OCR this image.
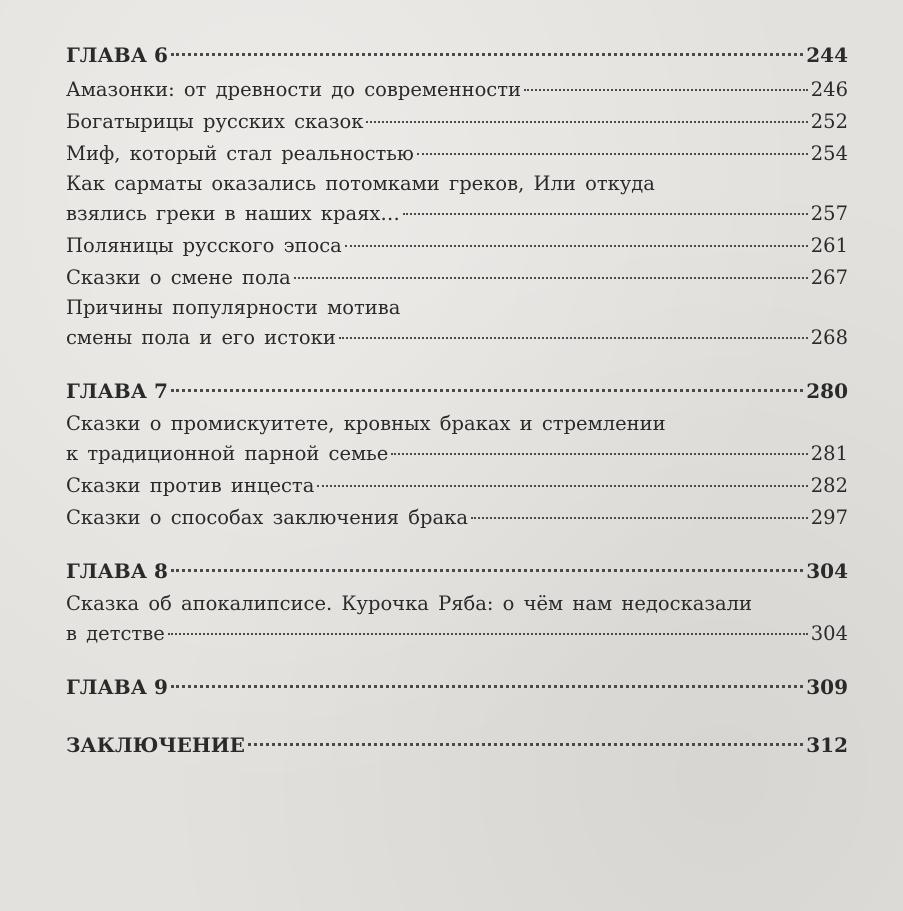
ГЛАВА 6	244
Амазонки: от древности до современности	246
Богатырицы русских сказок	252
Миф, который стал реальностью	254
Как сарматы оказались потомками греков, Или откуда
взялись греки в наших краях…	257
Поляницы русского эпоса	261
Сказки о смене пола	267
Причины популярности мотива
смены пола и его истоки	268
ГЛАВА 7	280
Сказки о промискуитете, кровных браках и стремлении
к традиционной парной семье	281
Сказки против инцеста	282
Сказки о способах заключения брака	297
ГЛАВА 8	304
Сказка об апокалипсисе. Курочка Ряба: о чём нам недосказали
в детстве	304
ГЛАВА 9	309
ЗАКЛЮЧЕНИЕ	312
